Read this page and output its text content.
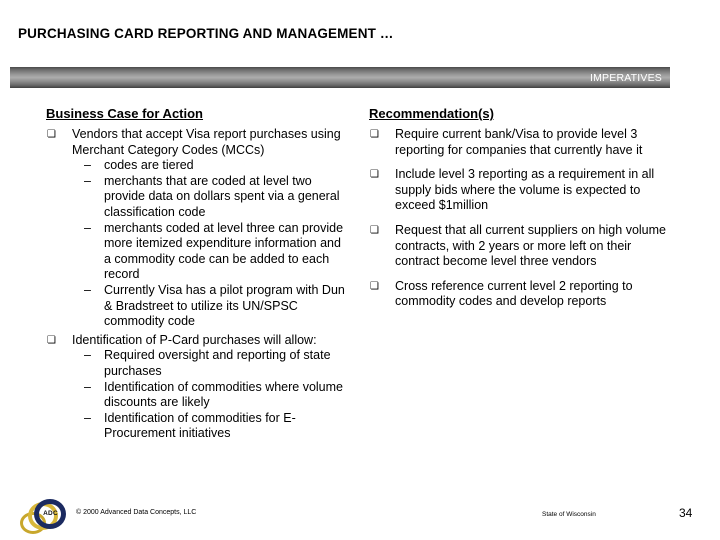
PURCHASING CARD REPORTING AND MANAGEMENT …
IMPERATIVES
Business Case for Action
❏ Vendors that accept Visa report purchases using Merchant Category Codes (MCCs)
– codes are tiered
– merchants that are coded at level two provide data on dollars spent via a general classification code
– merchants coded at level three can provide more itemized expenditure information and a commodity code can be added to each record
– Currently Visa has a pilot program with Dun & Bradstreet to utilize its UN/SPSC commodity code
❏ Identification of P-Card purchases will allow:
– Required oversight and reporting of state purchases
– Identification of commodities where volume discounts are likely
– Identification of commodities for E-Procurement initiatives
Recommendation(s)
❏ Require current bank/Visa to provide level 3 reporting for companies that currently have it
❏ Include level 3 reporting as a requirement in all supply bids where the volume is expected to exceed $1million
❏ Request that all current suppliers on high volume contracts, with 2 years or more left on their contract become level three vendors
❏ Cross reference current level 2 reporting to commodity codes and develop reports
ADC	© 2000 Advanced Data Concepts, LLC	State of Wisconsin	34
